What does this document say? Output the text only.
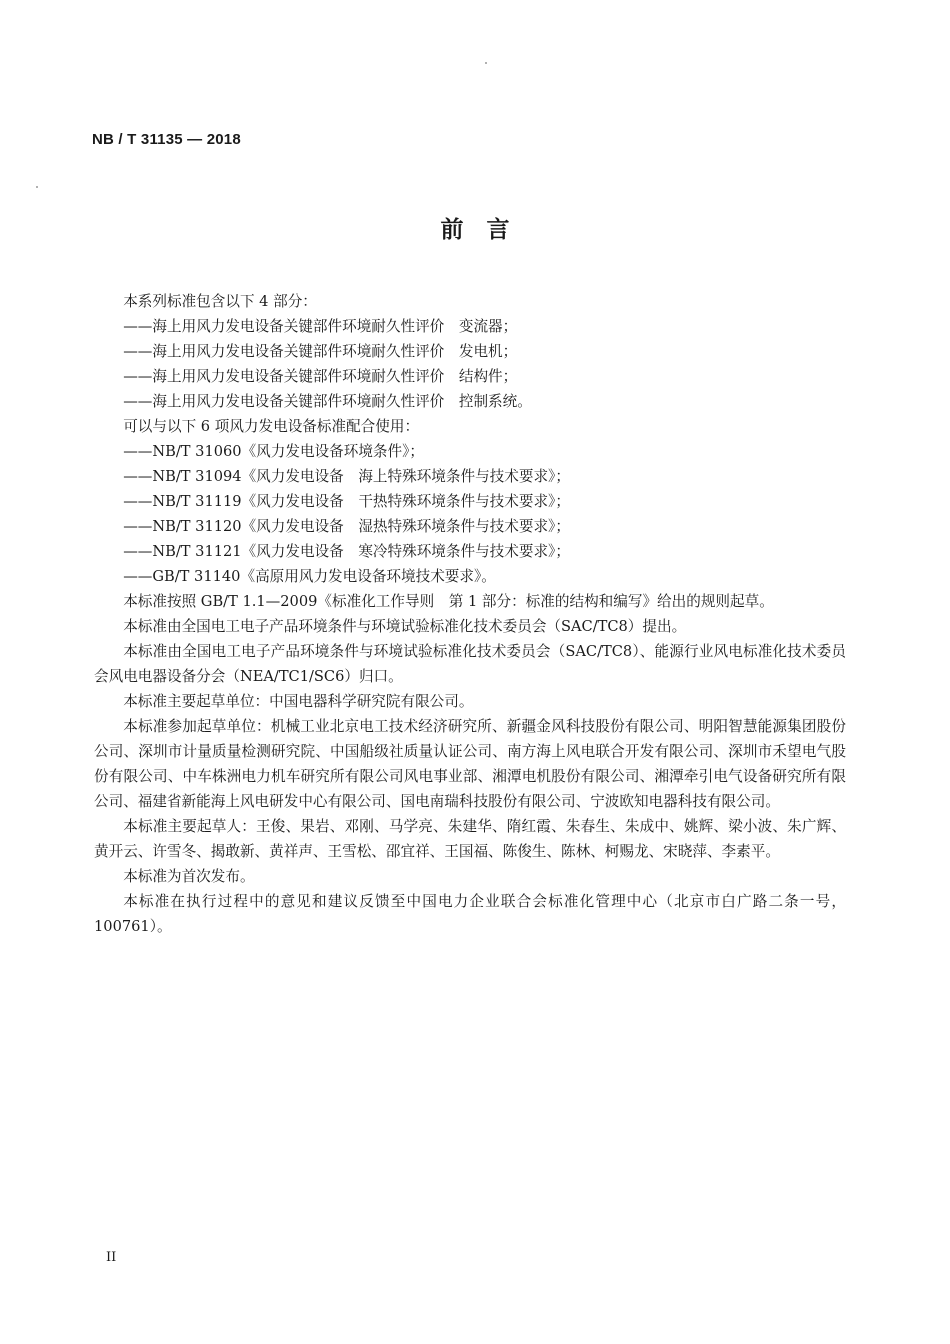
NB / T 31135 — 2018
前　言

本系列标准包含以下 4 部分：

——海上用风力发电设备关键部件环境耐久性评价　变流器；

——海上用风力发电设备关键部件环境耐久性评价　发电机；

——海上用风力发电设备关键部件环境耐久性评价　结构件；

——海上用风力发电设备关键部件环境耐久性评价　控制系统。

可以与以下 6 项风力发电设备标准配合使用：

——NB/T 31060《风力发电设备环境条件》；

——NB/T 31094《风力发电设备　海上特殊环境条件与技术要求》；

——NB/T 31119《风力发电设备　干热特殊环境条件与技术要求》；

——NB/T 31120《风力发电设备　湿热特殊环境条件与技术要求》；

——NB/T 31121《风力发电设备　寒冷特殊环境条件与技术要求》；

——GB/T 31140《高原用风力发电设备环境技术要求》。

本标准按照 GB/T 1.1—2009《标准化工作导则　第 1 部分：标准的结构和编写》给出的规则起草。

本标准由全国电工电子产品环境条件与环境试验标准化技术委员会（SAC/TC8）提出。

本标准由全国电工电子产品环境条件与环境试验标准化技术委员会（SAC/TC8）、能源行业风电标准化技术委员会风电电器设备分会（NEA/TC1/SC6）归口。

本标准主要起草单位：中国电器科学研究院有限公司。

本标准参加起草单位：机械工业北京电工技术经济研究所、新疆金风科技股份有限公司、明阳智慧能源集团股份公司、深圳市计量质量检测研究院、中国船级社质量认证公司、南方海上风电联合开发有限公司、深圳市禾望电气股份有限公司、中车株洲电力机车研究所有限公司风电事业部、湘潭电机股份有限公司、湘潭牵引电气设备研究所有限公司、福建省新能海上风电研发中心有限公司、国电南瑞科技股份有限公司、宁波欧知电器科技有限公司。

本标准主要起草人：王俊、果岩、邓刚、马学亮、朱建华、隋红霞、朱春生、朱成中、姚辉、梁小波、朱广辉、黄开云、许雪冬、揭敢新、黄祥声、王雪松、邵宜祥、王国福、陈俊生、陈林、柯赐龙、宋晓萍、李素平。

本标准为首次发布。

本标准在执行过程中的意见和建议反馈至中国电力企业联合会标准化管理中心（北京市白广路二条一号，100761）。

II
